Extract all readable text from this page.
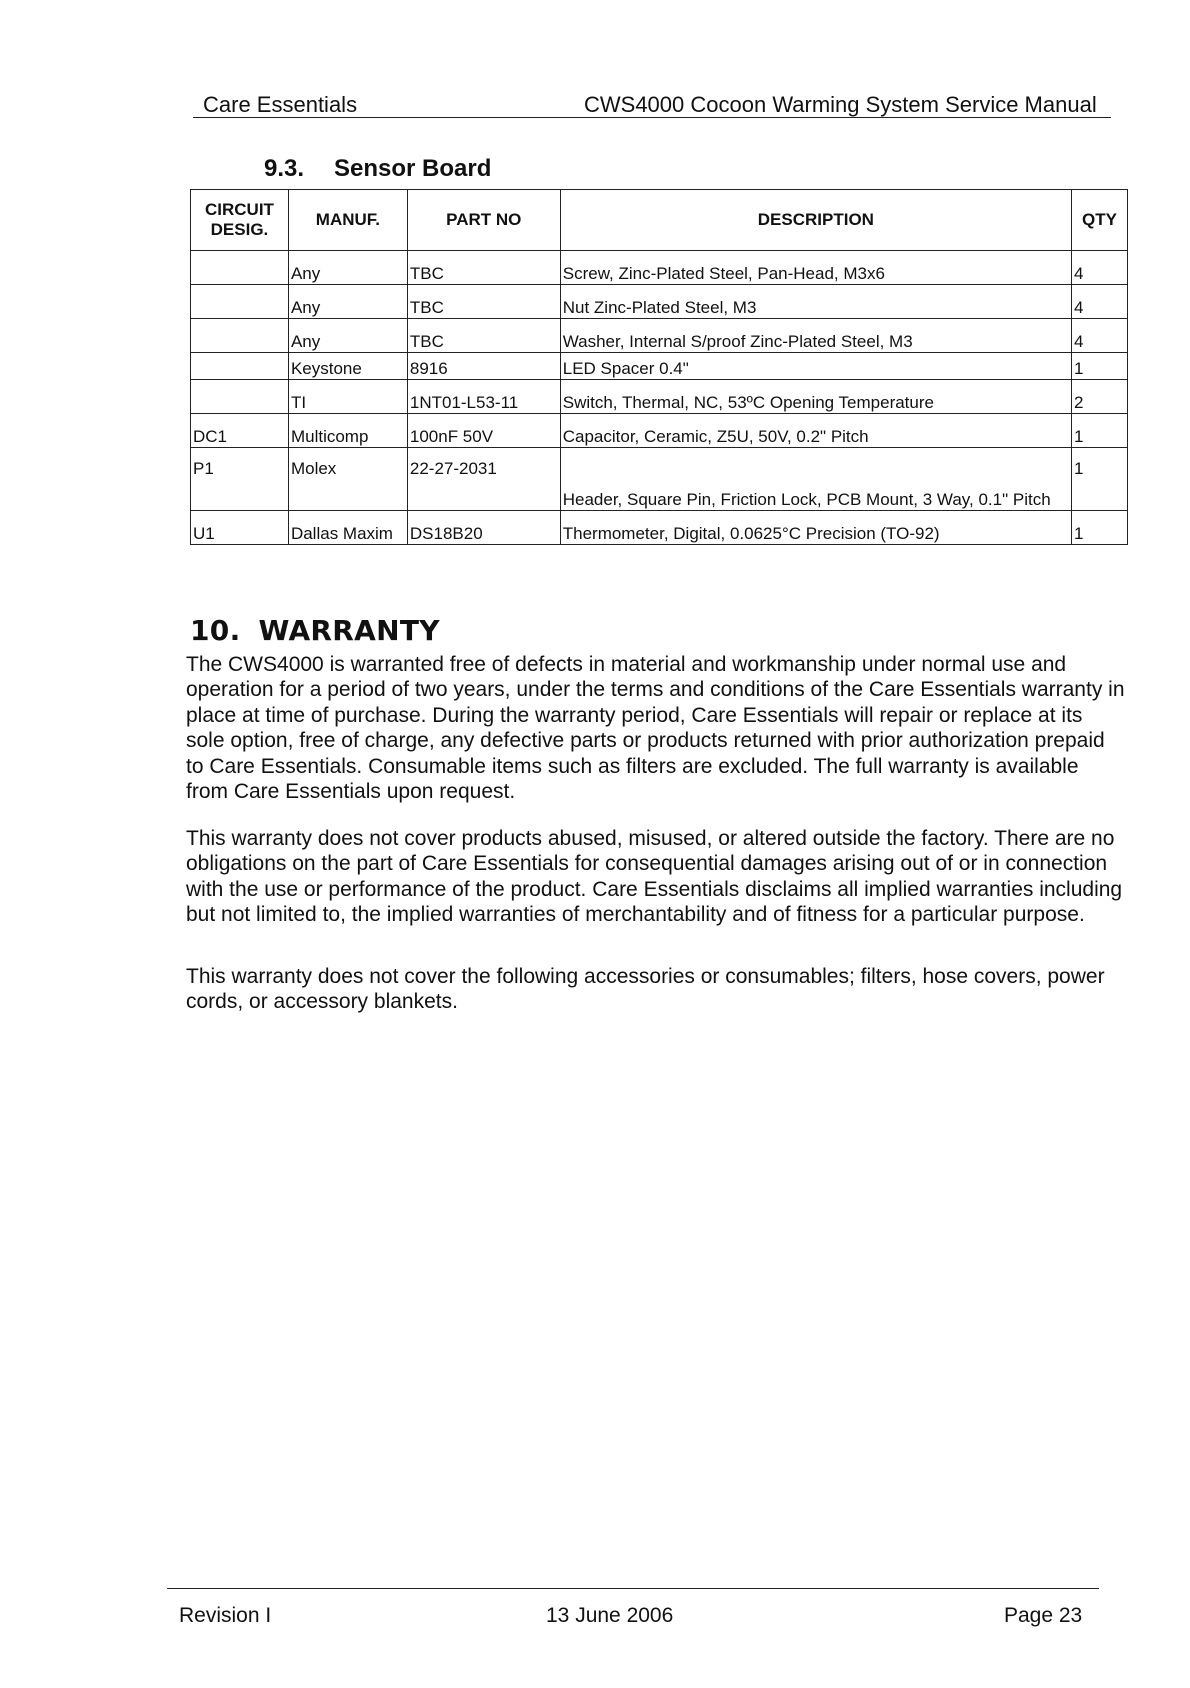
Care Essentials	CWS4000 Cocoon Warming System Service Manual
9.3. Sensor Board
CIRCUIT DESIG.	MANUF.	PART NO	DESCRIPTION	QTY
	Any	TBC	Screw, Zinc-Plated Steel, Pan-Head, M3x6	4
	Any	TBC	Nut Zinc-Plated Steel, M3	4
	Any	TBC	Washer, Internal S/proof Zinc-Plated Steel, M3	4
	Keystone	8916	LED Spacer 0.4"	1
	TI	1NT01-L53-11	Switch, Thermal, NC, 53ºC Opening Temperature	2
DC1	Multicomp	100nF 50V	Capacitor, Ceramic, Z5U, 50V, 0.2" Pitch	1
P1	Molex	22-27-2031	Header, Square Pin, Friction Lock, PCB Mount, 3 Way, 0.1" Pitch	1
U1	Dallas Maxim	DS18B20	Thermometer, Digital, 0.0625°C Precision (TO-92)	1
10. WARRANTY

The CWS4000 is warranted free of defects in material and workmanship under normal use and operation for a period of two years, under the terms and conditions of the Care Essentials warranty in place at time of purchase. During the warranty period, Care Essentials will repair or replace at its sole option, free of charge, any defective parts or products returned with prior authorization prepaid to Care Essentials. Consumable items such as filters are excluded. The full warranty is available from Care Essentials upon request.

This warranty does not cover products abused, misused, or altered outside the factory. There are no obligations on the part of Care Essentials for consequential damages arising out of or in connection with the use or performance of the product. Care Essentials disclaims all implied warranties including but not limited to, the implied warranties of merchantability and of fitness for a particular purpose.

This warranty does not cover the following accessories or consumables; filters, hose covers, power cords, or accessory blankets.

Revision I	13 June 2006	Page 23
